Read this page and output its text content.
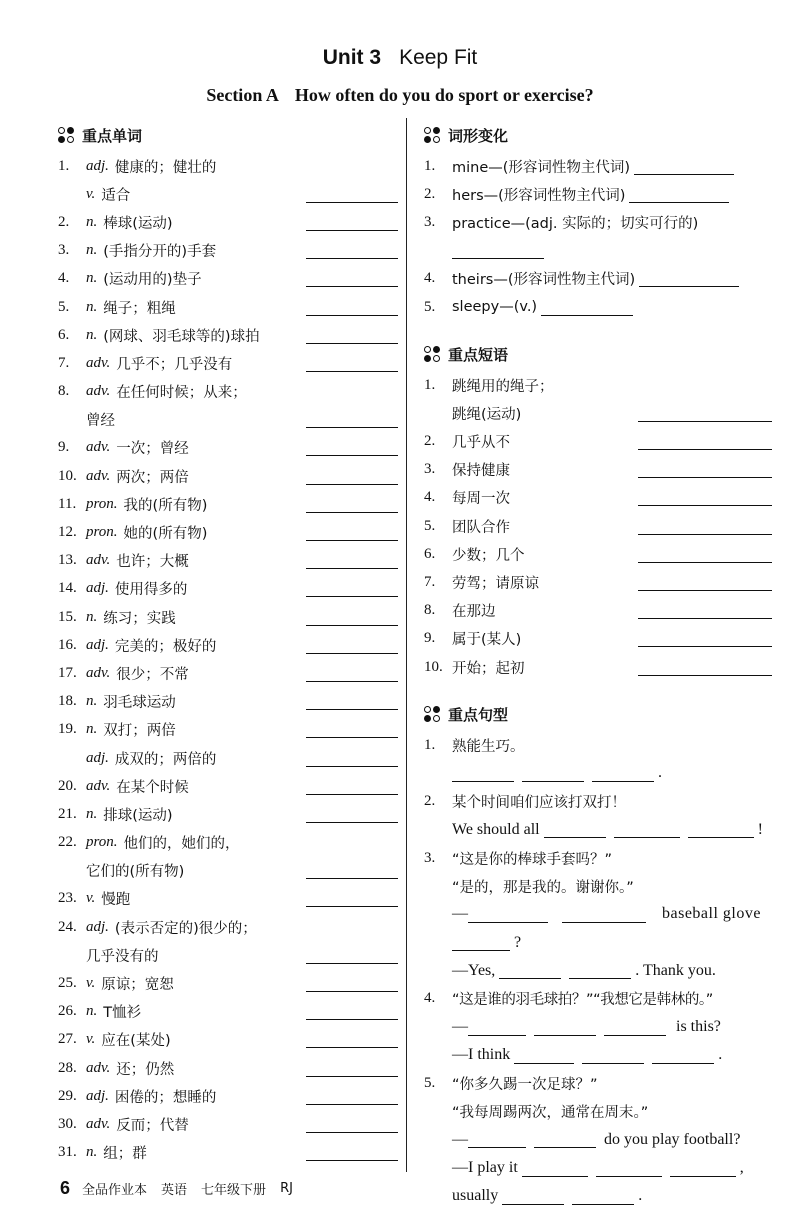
Unit 3 Keep Fit
Section A How often do you do sport or exercise?
重点单词
1.	adj. 健康的；健壮的
v. 适合
2.	n. 棒球(运动)
3.	n. (手指分开的)手套
4.	n. (运动用的)垫子
5.	n. 绳子；粗绳
6.	n. (网球、羽毛球等的)球拍
7.	adv. 几乎不；几乎没有
8.	adv. 在任何时候；从来；
曾经
9.	adv. 一次；曾经
10. adv. 两次；两倍
11. pron. 我的(所有物)
12. pron. 她的(所有物)
13. adv. 也许；大概
14. adj. 使用得多的
15. n. 练习；实践
16. adj. 完美的；极好的
17. adv. 很少；不常
18. n. 羽毛球运动
19. n. 双打；两倍
adj. 成双的；两倍的
20. adv. 在某个时候
21. n. 排球(运动)
22. pron. 他们的，她们的，
它们的(所有物)
23. v. 慢跑
24. adj. (表示否定的)很少的；
几乎没有的
25. v. 原谅；宽恕
26. n. T恤衫
27. v. 应在(某处)
28. adv. 还；仍然
29. adj. 困倦的；想睡的
30. adv. 反而；代替
31. n. 组；群
词形变化
1.	mine—(形容词性物主代词)
2.	hers—(形容词性物主代词)
3.	practice—(adj. 实际的；切实可行的)
4.	theirs—(形容词性物主代词)
5.	sleepy—(v.)
重点短语
1.	跳绳用的绳子；
跳绳(运动)
2.	几乎从不
3.	保持健康
4.	每周一次
5.	团队合作
6.	少数；几个
7.	劳驾；请原谅
8.	在那边
9.	属于(某人)
10. 开始；起初
重点句型
1.	熟能生巧。
.
2.	某个时间咱们应该打双打！
We should all	!
3.	“这是你的棒球手套吗？”
“是的，那是我的。谢谢你。”
—	baseball glove
?
—Yes,	. Thank you.
4.	“这是谁的羽毛球拍？”“我想它是韩林的。”
—	is this?
—I think	.
5.	“你多久踢一次足球？”
“我每周踢两次，通常在周末。”
—	do you play football?
—I play it	,
usually	.
6 全品作业本 英语 七年级下册 RJ
